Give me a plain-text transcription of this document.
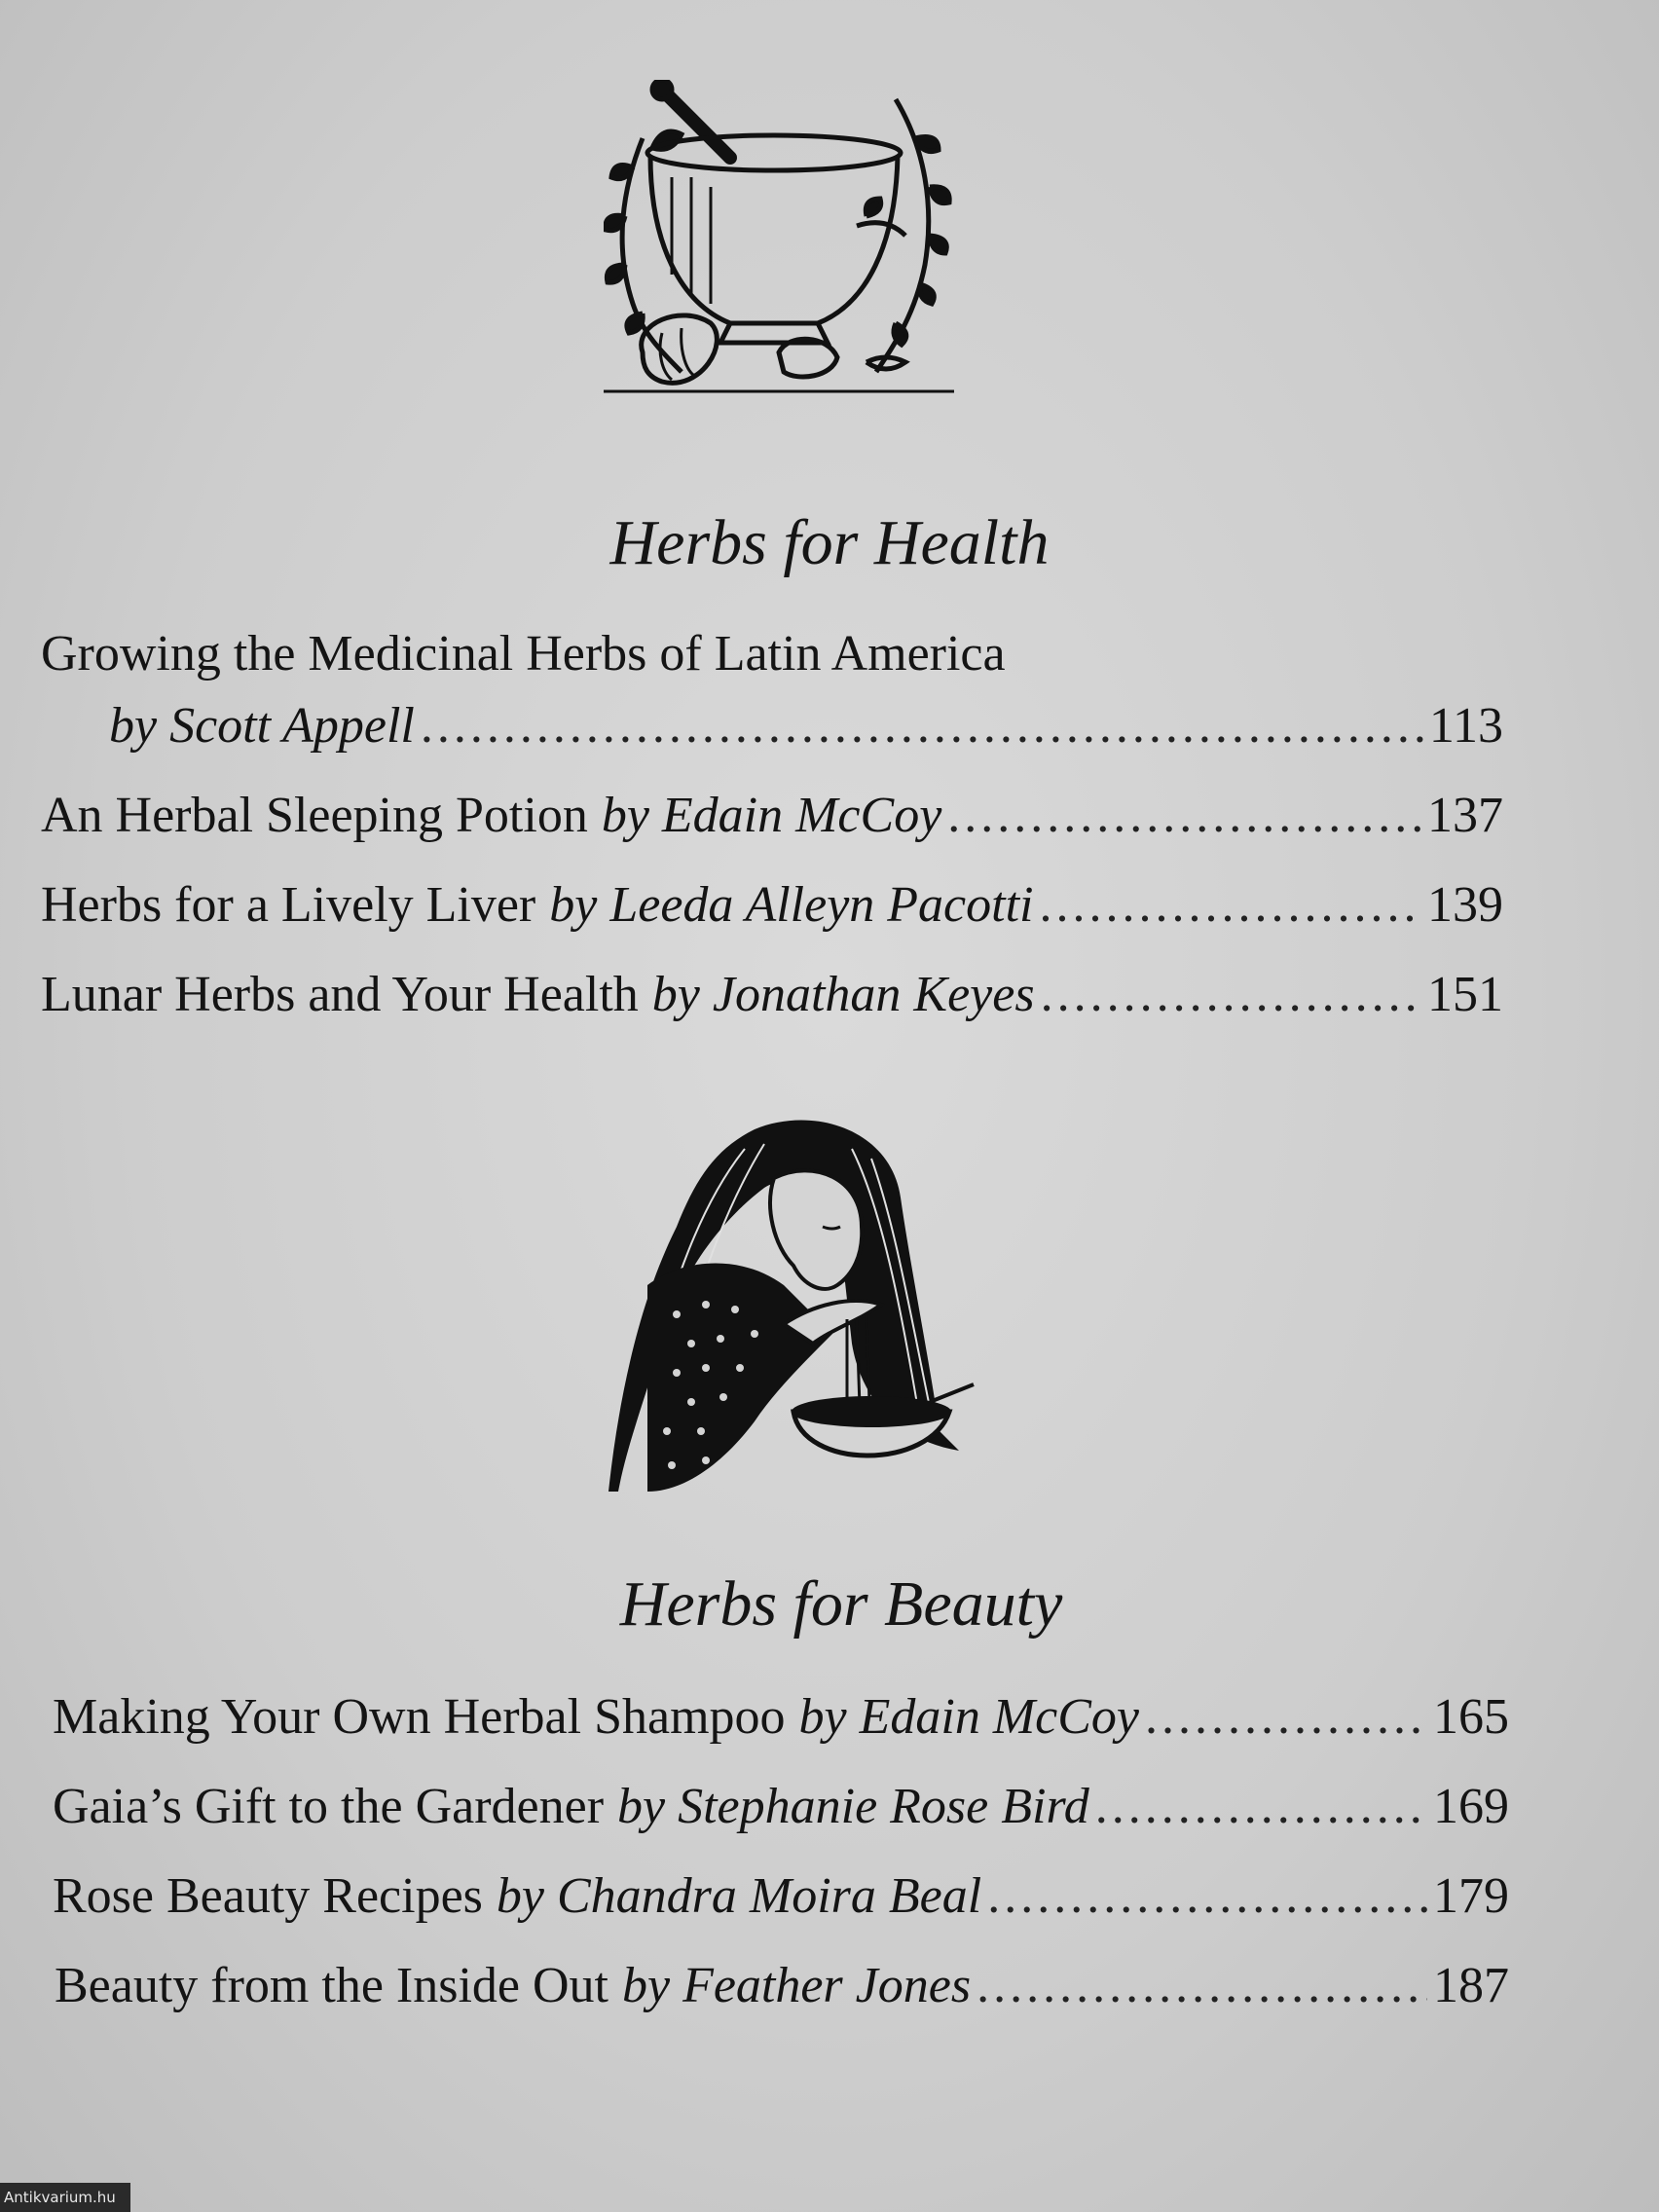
Herbs for Health
Growing the Medicinal Herbs of Latin America
by Scott Appell .....	113
An Herbal Sleeping Potion by Edain McCoy .....	137
Herbs for a Lively Liver by Leeda Alleyn Pacotti .....	139
Lunar Herbs and Your Health by Jonathan Keyes .....	151
Herbs for Beauty
Making Your Own Herbal Shampoo by Edain McCoy .....	165
Gaia’s Gift to the Gardener by Stephanie Rose Bird .....	169
Rose Beauty Recipes by Chandra Moira Beal .....	179
Beauty from the Inside Out by Feather Jones .....	187
Antikvarium.hu
